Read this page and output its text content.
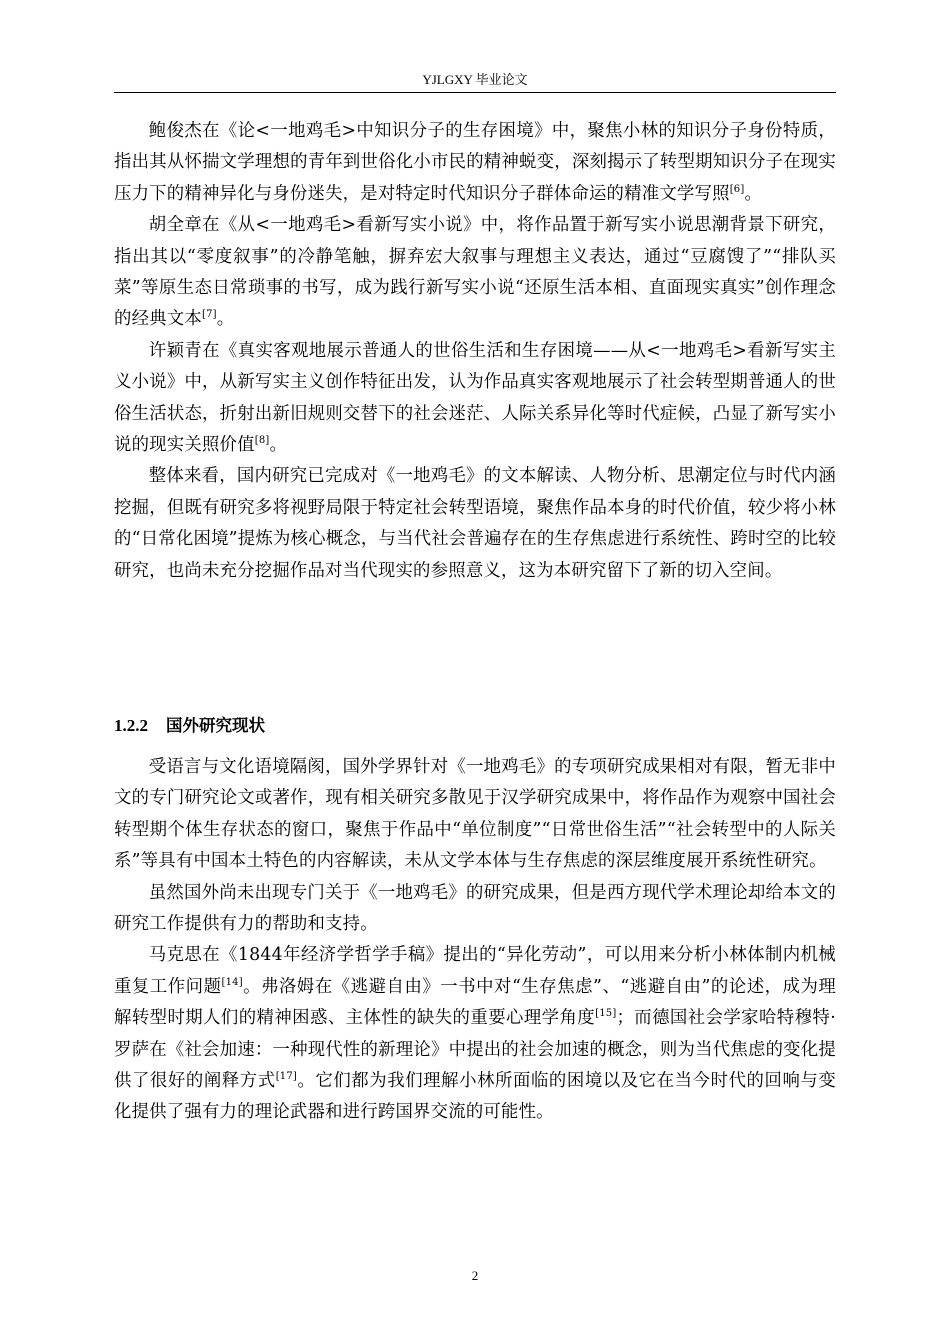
YJLGXY 毕业论文

鲍俊杰在《论<一地鸡毛>中知识分子的生存困境》中，聚焦小林的知识分子身份特质，指出其从怀揣文学理想的青年到世俗化小市民的精神蜕变，深刻揭示了转型期知识分子在现实压力下的精神异化与身份迷失，是对特定时代知识分子群体命运的精准文学写照[6]。

胡全章在《从<一地鸡毛>看新写实小说》中，将作品置于新写实小说思潮背景下研究，指出其以“零度叙事”的冷静笔触，摒弃宏大叙事与理想主义表达，通过“豆腐馊了”“排队买菜”等原生态日常琐事的书写，成为践行新写实小说“还原生活本相、直面现实真实”创作理念的经典文本[7]。

许颖青在《真实客观地展示普通人的世俗生活和生存困境——从<一地鸡毛>看新写实主义小说》中，从新写实主义创作特征出发，认为作品真实客观地展示了社会转型期普通人的世俗生活状态，折射出新旧规则交替下的社会迷茫、人际关系异化等时代症候，凸显了新写实小说的现实关照价值[8]。

整体来看，国内研究已完成对《一地鸡毛》的文本解读、人物分析、思潮定位与时代内涵挖掘，但既有研究多将视野局限于特定社会转型语境，聚焦作品本身的时代价值，较少将小林的“日常化困境”提炼为核心概念，与当代社会普遍存在的生存焦虑进行系统性、跨时空的比较研究，也尚未充分挖掘作品对当代现实的参照意义，这为本研究留下了新的切入空间。

1.2.2 国外研究现状

受语言与文化语境隔阂，国外学界针对《一地鸡毛》的专项研究成果相对有限，暂无非中文的专门研究论文或著作，现有相关研究多散见于汉学研究成果中，将作品作为观察中国社会转型期个体生存状态的窗口，聚焦于作品中“单位制度”“日常世俗生活”“社会转型中的人际关系”等具有中国本土特色的内容解读，未从文学本体与生存焦虑的深层维度展开系统性研究。

虽然国外尚未出现专门关于《一地鸡毛》的研究成果，但是西方现代学术理论却给本文的研究工作提供有力的帮助和支持。

马克思在《1844年经济学哲学手稿》提出的“异化劳动”，可以用来分析小林体制内机械重复工作问题[14]。弗洛姆在《逃避自由》一书中对“生存焦虑”、“逃避自由”的论述，成为理解转型时期人们的精神困惑、主体性的缺失的重要心理学角度[15]；而德国社会学家哈特穆特·罗萨在《社会加速：一种现代性的新理论》中提出的社会加速的概念，则为当代焦虑的变化提供了很好的阐释方式[17]。它们都为我们理解小林所面临的困境以及它在当今时代的回响与变化提供了强有力的理论武器和进行跨国界交流的可能性。

2
